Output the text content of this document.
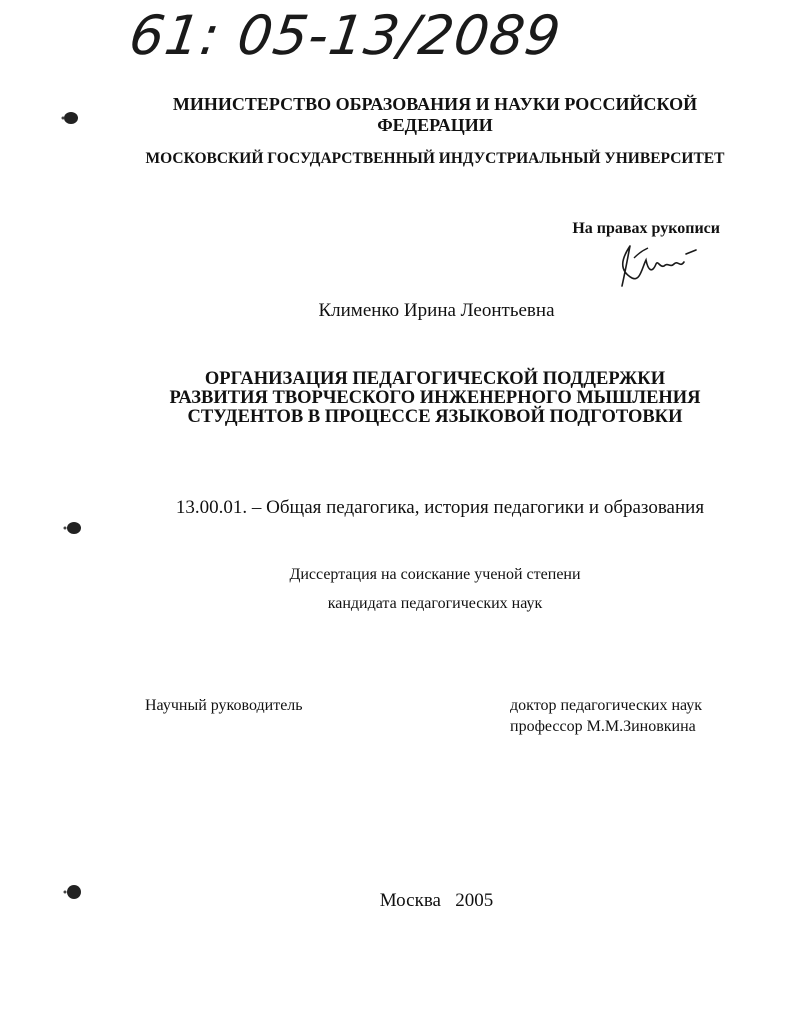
61: 05-13/2089
МИНИСТЕРСТВО ОБРАЗОВАНИЯ И НАУКИ РОССИЙСКОЙ
ФЕДЕРАЦИИ
МОСКОВСКИЙ ГОСУДАРСТВЕННЫЙ ИНДУСТРИАЛЬНЫЙ УНИВЕРСИТЕТ
На правах рукописи
Клименко Ирина Леонтьевна
ОРГАНИЗАЦИЯ ПЕДАГОГИЧЕСКОЙ ПОДДЕРЖКИ
РАЗВИТИЯ ТВОРЧЕСКОГО ИНЖЕНЕРНОГО МЫШЛЕНИЯ
СТУДЕНТОВ В ПРОЦЕССЕ ЯЗЫКОВОЙ ПОДГОТОВКИ
13.00.01. – Общая педагогика, история педагогики и образования
Диссертация на соискание ученой степени
кандидата педагогических наук
Научный руководитель	доктор педагогических наук
профессор М.М.Зиновкина
Москва   2005
